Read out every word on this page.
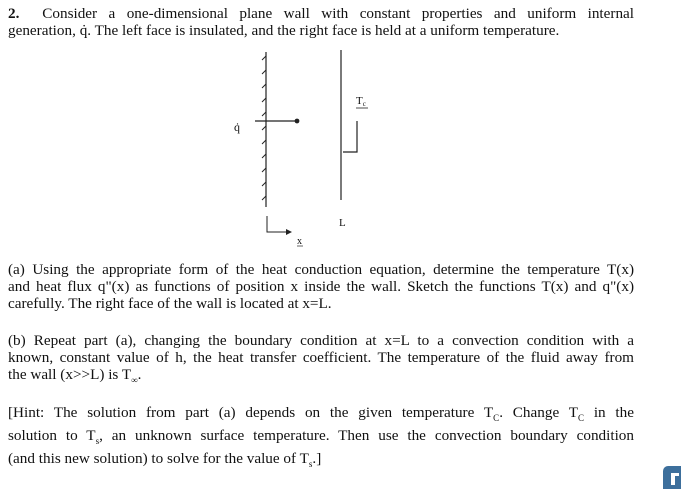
2. Consider a one-dimensional plane wall with constant properties and uniform internal
generation, q̇. The left face is insulated, and the right face is held at a uniform temperature.
q̇
Tc
L
x
(a) Using the appropriate form of the heat conduction equation, determine the temperature T(x)
and heat flux q"(x) as functions of position x inside the wall. Sketch the functions T(x) and q"(x)
carefully. The right face of the wall is located at x=L.
(b) Repeat part (a), changing the boundary condition at x=L to a convection condition with a
known, constant value of h, the heat transfer coefficient. The temperature of the fluid away from
the wall (x>>L) is $T_\infty$.
[Hint: The solution from part (a) depends on the given temperature $T_C$. Change $T_C$ in the
solution to $T_s$, an unknown surface temperature. Then use the convection boundary condition
(and this new solution) to solve for the value of $T_s$.]
